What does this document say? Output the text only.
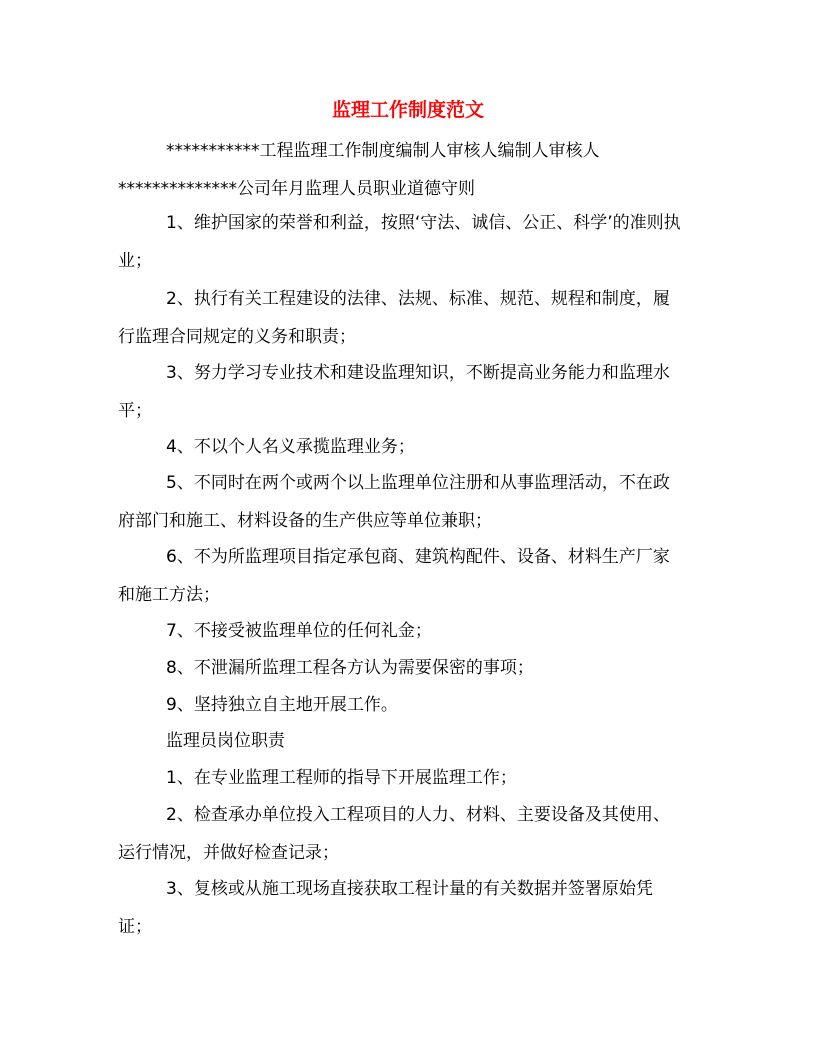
监理工作制度范文

***********工程监理工作制度编制人审核人编制人审核人

**************公司年月监理人员职业道德守则

1、维护国家的荣誉和利益，按照‘守法、诚信、公正、科学’的准则执业；

2、执行有关工程建设的法律、法规、标准、规范、规程和制度，履行监理合同规定的义务和职责；

3、努力学习专业技术和建设监理知识，不断提高业务能力和监理水平；

4、不以个人名义承揽监理业务；

5、不同时在两个或两个以上监理单位注册和从事监理活动，不在政府部门和施工、材料设备的生产供应等单位兼职；

6、不为所监理项目指定承包商、建筑构配件、设备、材料生产厂家和施工方法；

7、不接受被监理单位的任何礼金；

8、不泄漏所监理工程各方认为需要保密的事项；

9、坚持独立自主地开展工作。

监理员岗位职责

1、在专业监理工程师的指导下开展监理工作；

2、检查承办单位投入工程项目的人力、材料、主要设备及其使用、运行情况，并做好检查记录；

3、复核或从施工现场直接获取工程计量的有关数据并签署原始凭证；
